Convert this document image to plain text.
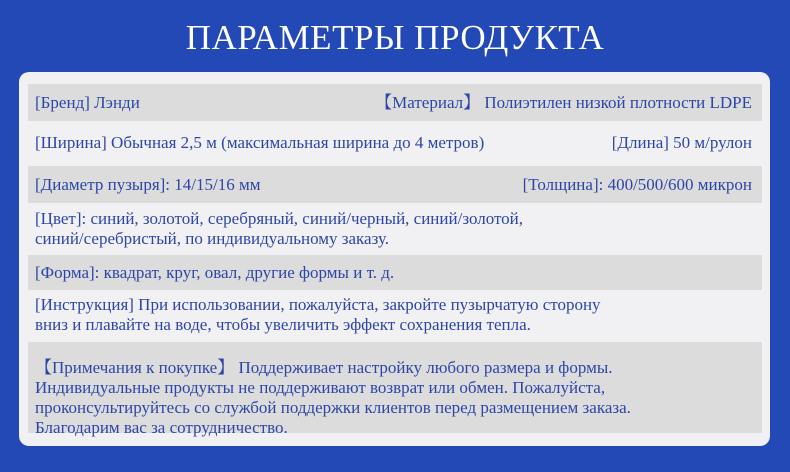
ПАРАМЕТРЫ ПРОДУКТА
[Бренд] Лэнди	【Материал】 Полиэтилен низкой плотности LDPE
[Ширина] Обычная 2,5 м (максимальная ширина до 4 метров)	[Длина] 50 м/рулон
[Диаметр пузыря]: 14/15/16 мм	[Толщина]: 400/500/600 микрон
[Цвет]: синий, золотой, серебряный, синий/черный, синий/золотой,
синий/серебристый, по индивидуальному заказу.
[Форма]: квадрат, круг, овал, другие формы и т. д.
[Инструкция] При использовании, пожалуйста, закройте пузырчатую сторону
вниз и плавайте на воде, чтобы увеличить эффект сохранения тепла.
【Примечания к покупке】 Поддерживает настройку любого размера и формы.
Индивидуальные продукты не поддерживают возврат или обмен. Пожалуйста,
проконсультируйтесь со службой поддержки клиентов перед размещением заказа.
Благодарим вас за сотрудничество.
